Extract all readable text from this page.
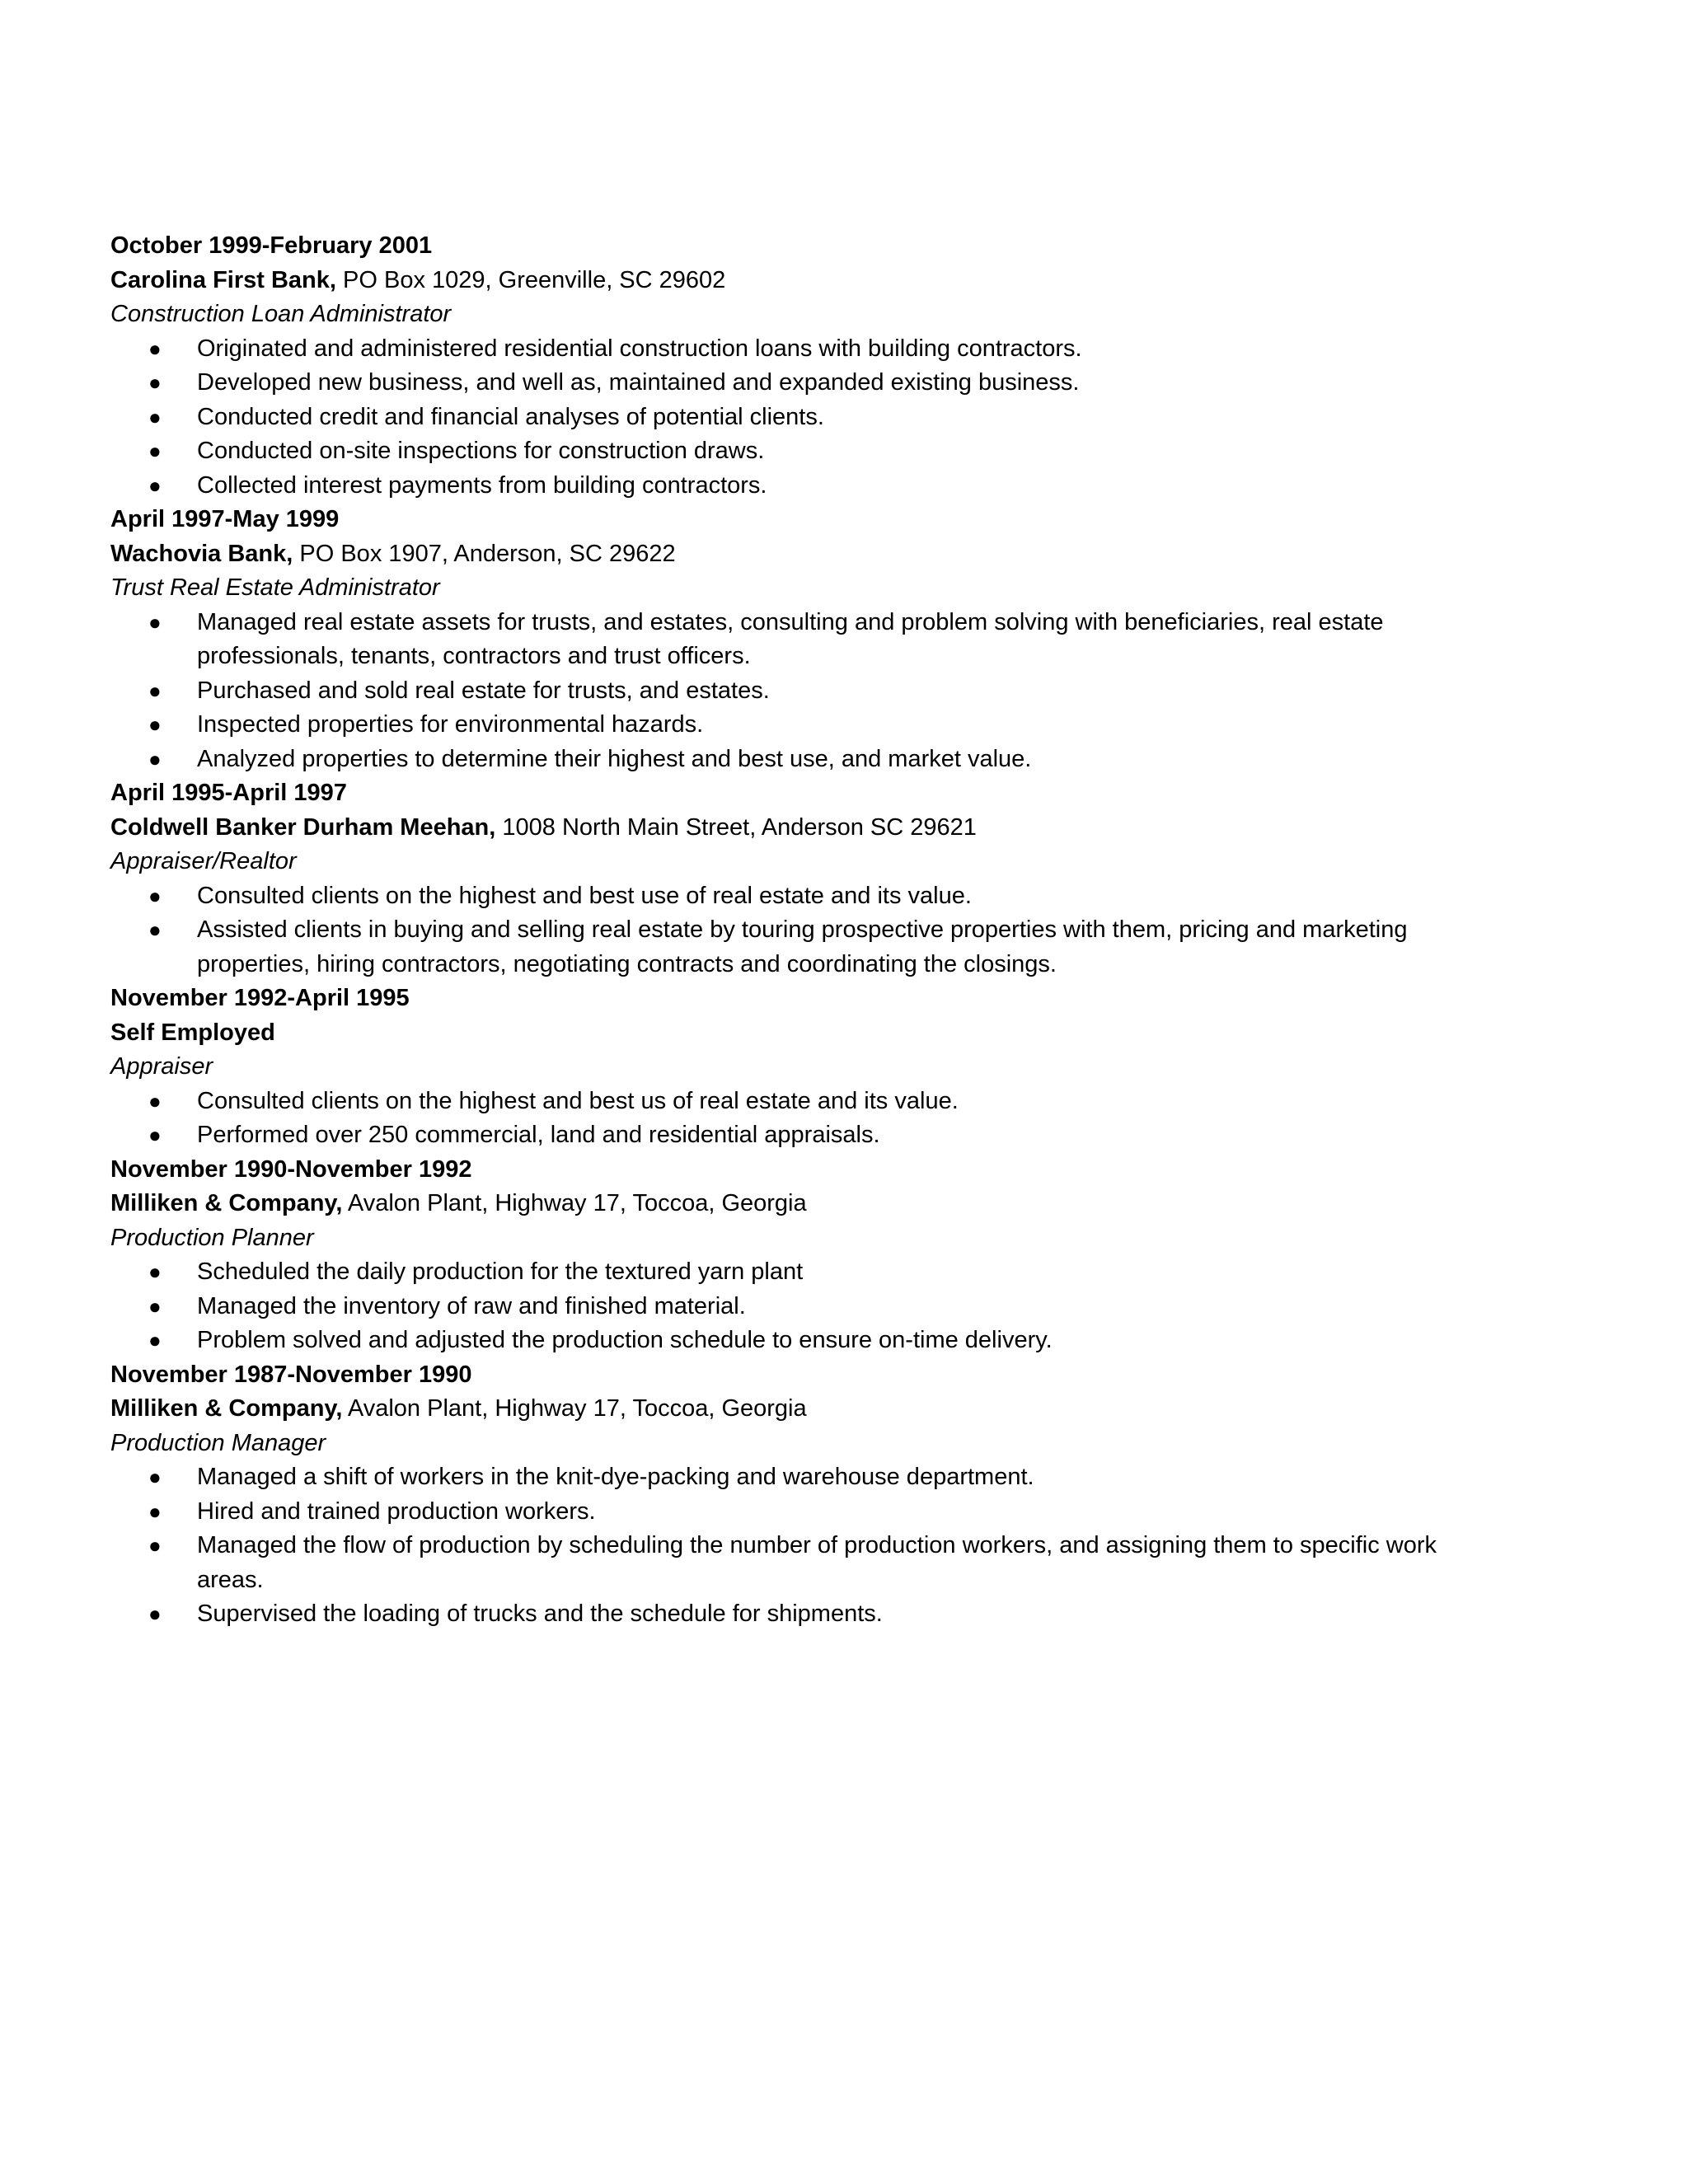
October 1999-February 2001
Carolina First Bank, PO Box 1029, Greenville, SC 29602
Construction Loan Administrator
● Originated and administered residential construction loans with building contractors.
● Developed new business, and well as, maintained and expanded existing business.
● Conducted credit and financial analyses of potential clients.
● Conducted on-site inspections for construction draws.
● Collected interest payments from building contractors.
April 1997-May 1999
Wachovia Bank, PO Box 1907, Anderson, SC 29622
Trust Real Estate Administrator
● Managed real estate assets for trusts, and estates, consulting and problem solving with beneficiaries, real estate professionals, tenants, contractors and trust officers.
● Purchased and sold real estate for trusts, and estates.
● Inspected properties for environmental hazards.
● Analyzed properties to determine their highest and best use, and market value.
April 1995-April 1997
Coldwell Banker Durham Meehan, 1008 North Main Street, Anderson SC 29621
Appraiser/Realtor
● Consulted clients on the highest and best use of real estate and its value.
● Assisted clients in buying and selling real estate by touring prospective properties with them, pricing and marketing properties, hiring contractors, negotiating contracts and coordinating the closings.
November 1992-April 1995
Self Employed
Appraiser
● Consulted clients on the highest and best us of real estate and its value.
● Performed over 250 commercial, land and residential appraisals.
November 1990-November 1992
Milliken & Company, Avalon Plant, Highway 17, Toccoa, Georgia
Production Planner
● Scheduled the daily production for the textured yarn plant
● Managed the inventory of raw and finished material.
● Problem solved and adjusted the production schedule to ensure on-time delivery.
November 1987-November 1990
Milliken & Company, Avalon Plant, Highway 17, Toccoa, Georgia
Production Manager
● Managed a shift of workers in the knit-dye-packing and warehouse department.
● Hired and trained production workers.
● Managed the flow of production by scheduling the number of production workers, and assigning them to specific work areas.
● Supervised the loading of trucks and the schedule for shipments.
